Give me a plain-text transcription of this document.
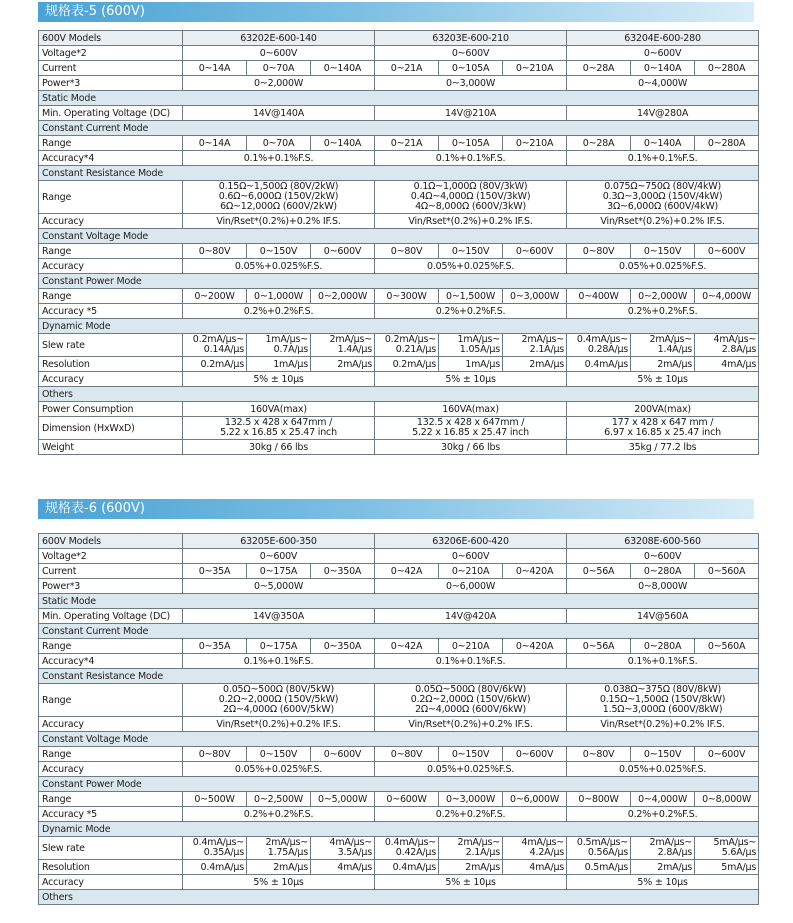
规格表-5 (600V)
600V Models	63202E-600-140			63203E-600-210			63204E-600-280		
Voltage*2	0~600V			0~600V			0~600V		
Current	0~14A	0~70A	0~140A	0~21A	0~105A	0~210A	0~28A	0~140A	0~280A
Power*3	0~2,000W			0~3,000W			0~4,000W		
Static Mode									
Min. Operating Voltage (DC)	14V@140A			14V@210A			14V@280A		
Constant Current Mode									
Range	0~14A	0~70A	0~140A	0~21A	0~105A	0~210A	0~28A	0~140A	0~280A
Accuracy*4	0.1%+0.1%F.S.			0.1%+0.1%F.S.			0.1%+0.1%F.S.		
Constant Resistance Mode									
Range	0.15Ω~1,500Ω (80V/2kW)
0.6Ω~6,000Ω (150V/2kW)
6Ω~12,000Ω (600V/2kW)			0.1Ω~1,000Ω (80V/3kW)
0.4Ω~4,000Ω (150V/3kW)
4Ω~8,000Ω (600V/3kW)			0.075Ω~750Ω (80V/4kW)
0.3Ω~3,000Ω (150V/4kW)
3Ω~6,000Ω (600V/4kW)		

Accuracy	Vin/Rset*(0.2%)+0.2% IF.S.			Vin/Rset*(0.2%)+0.2% IF.S.			Vin/Rset*(0.2%)+0.2% IF.S.		
Constant Voltage Mode									
Range	0~80V	0~150V	0~600V	0~80V	0~150V	0~600V	0~80V	0~150V	0~600V
Accuracy	0.05%+0.025%F.S.			0.05%+0.025%F.S.			0.05%+0.025%F.S.		
Constant Power Mode									
Range	0~200W	0~1,000W	0~2,000W	0~300W	0~1,500W	0~3,000W	0~400W	0~2,000W	0~4,000W
Accuracy *5	0.2%+0.2%F.S.			0.2%+0.2%F.S.			0.2%+0.2%F.S.		
Dynamic Mode									
Slew rate	0.2mA/μs~
0.14A/μs	1mA/μs~
0.7A/μs	2mA/μs~
1.4A/μs	0.2mA/μs~
0.21A/μs	1mA/μs~
1.05A/μs	2mA/μs~
2.1A/μs	0.4mA/μs~
0.28A/μs	2mA/μs~
1.4A/μs	4mA/μs~
2.8A/μs

Resolution	0.2mA/μs	1mA/μs	2mA/μs	0.2mA/μs	1mA/μs	2mA/μs	0.4mA/μs	2mA/μs	4mA/μs
Accuracy	5% ± 10μs			5% ± 10μs			5% ± 10μs		
Others									
Power Consumption	160VA(max)			160VA(max)			200VA(max)		
Dimension (HxWxD)	132.5 x 428 x 647mm /
5.22 x 16.85 x 25.47 inch			132.5 x 428 x 647mm /
5.22 x 16.85 x 25.47 inch			177 x 428 x 647 mm /
6.97 x 16.85 x 25.47 inch		

Weight	30kg / 66 lbs			30kg / 66 lbs			35kg / 77.2 lbs		
规格表-6 (600V)
600V Models	63205E-600-350			63206E-600-420			63208E-600-560		
Voltage*2	0~600V			0~600V			0~600V		
Current	0~35A	0~175A	0~350A	0~42A	0~210A	0~420A	0~56A	0~280A	0~560A
Power*3	0~5,000W			0~6,000W			0~8,000W		
Static Mode									
Min. Operating Voltage (DC)	14V@350A			14V@420A			14V@560A		
Constant Current Mode									
Range	0~35A	0~175A	0~350A	0~42A	0~210A	0~420A	0~56A	0~280A	0~560A
Accuracy*4	0.1%+0.1%F.S.			0.1%+0.1%F.S.			0.1%+0.1%F.S.		
Constant Resistance Mode									
Range	0.05Ω~500Ω (80V/5kW)
0.2Ω~2,000Ω (150V/5kW)
2Ω~4,000Ω (600V/5kW)			0.05Ω~500Ω (80V/6kW)
0.2Ω~2,000Ω (150V/6kW)
2Ω~4,000Ω (600V/6kW)			0.038Ω~375Ω (80V/8kW)
0.15Ω~1,500Ω (150V/8kW)
1.5Ω~3,000Ω (600V/8kW)		

Accuracy	Vin/Rset*(0.2%)+0.2% IF.S.			Vin/Rset*(0.2%)+0.2% IF.S.			Vin/Rset*(0.2%)+0.2% IF.S.		
Constant Voltage Mode									
Range	0~80V	0~150V	0~600V	0~80V	0~150V	0~600V	0~80V	0~150V	0~600V
Accuracy	0.05%+0.025%F.S.			0.05%+0.025%F.S.			0.05%+0.025%F.S.		
Constant Power Mode									
Range	0~500W	0~2,500W	0~5,000W	0~600W	0~3,000W	0~6,000W	0~800W	0~4,000W	0~8,000W
Accuracy *5	0.2%+0.2%F.S.			0.2%+0.2%F.S.			0.2%+0.2%F.S.		
Dynamic Mode									
Slew rate	0.4mA/μs~
0.35A/μs	2mA/μs~
1.75A/μs	4mA/μs~
3.5A/μs	0.4mA/μs~
0.42A/μs	2mA/μs~
2.1A/μs	4mA/μs~
4.2A/μs	0.5mA/μs~
0.56A/μs	2mA/μs~
2.8A/μs	5mA/μs~
5.6A/μs

Resolution	0.4mA/μs	2mA/μs	4mA/μs	0.4mA/μs	2mA/μs	4mA/μs	0.5mA/μs	2mA/μs	5mA/μs
Accuracy	5% ± 10μs			5% ± 10μs			5% ± 10μs		
Others									
